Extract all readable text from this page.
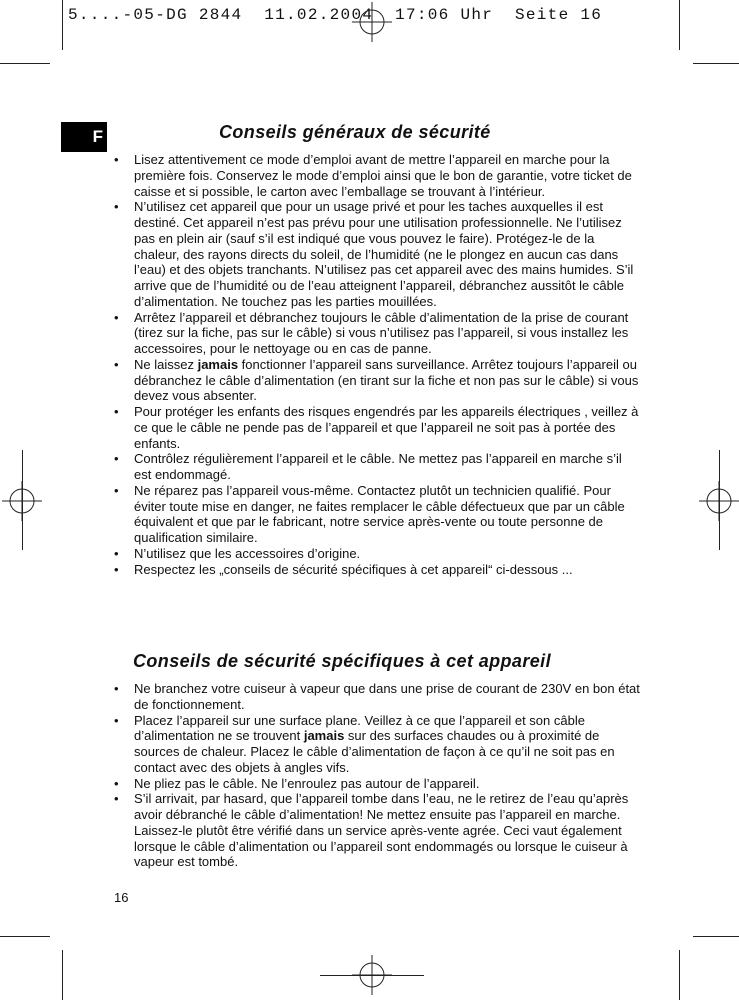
5....-05-DG 2844  11.02.2004  17:06 Uhr  Seite 16
F	Conseils généraux de sécurité
• Lisez attentivement ce mode d’emploi avant de mettre l’appareil en marche pour la première fois. Conservez le mode d’emploi ainsi que le bon de garantie, votre ticket de caisse et si possible, le carton avec l’emballage se trouvant à l’intérieur.
• N’utilisez cet appareil que pour un usage privé et pour les taches auxquelles il est destiné. Cet appareil n’est pas prévu pour une utilisation professionnelle. Ne l’utilisez pas en plein air (sauf s’il est indiqué que vous pouvez le faire). Protégez-le de la chaleur, des rayons directs du soleil, de l’humidité (ne le plongez en aucun cas dans l’eau) et des objets tranchants. N’utilisez pas cet appareil avec des mains humides. S’il arrive que de l’humidité ou de l’eau atteignent l’appareil, débranchez aussitôt le câble d’alimentation. Ne touchez pas les parties mouillées.
• Arrêtez l’appareil et débranchez toujours le câble d’alimentation de la prise de courant (tirez sur la fiche, pas sur le câble) si vous n’utilisez pas l’appareil, si vous installez les accessoires, pour le nettoyage ou en cas de panne.
• Ne laissez jamais fonctionner l’appareil sans surveillance. Arrêtez toujours l’appareil ou débranchez le câble d’alimentation (en tirant sur la fiche et non pas sur le câble) si vous devez vous absenter.
• Pour protéger les enfants des risques engendrés par les appareils électriques , veillez à ce que le câble ne pende pas de l’appareil et que l’appareil ne soit pas à portée des enfants.
• Contrôlez régulièrement l’appareil et le câble. Ne mettez pas l’appareil en marche s’il est endommagé.
• Ne réparez pas l’appareil vous-même. Contactez plutôt un technicien qualifié. Pour éviter toute mise en danger, ne faites remplacer le câble défectueux que par un câble équivalent et que par le fabricant, notre service après-vente ou toute personne de qualification similaire.
• N’utilisez que les accessoires d’origine.
• Respectez les „conseils de sécurité spécifiques à cet appareil“ ci-dessous ...
Conseils de sécurité spécifiques à cet appareil
• Ne branchez votre cuiseur à vapeur que dans une prise de courant de 230V en bon état de fonctionnement.
• Placez l’appareil sur une surface plane. Veillez à ce que l’appareil et son câble d’alimentation ne se trouvent jamais sur des surfaces chaudes ou à proximité de sources de chaleur. Placez le câble d’alimentation de façon à ce qu’il ne soit pas en contact avec des objets à angles vifs.
• Ne pliez pas le câble. Ne l’enroulez pas autour de l’appareil.
• S’il arrivait, par hasard, que l’appareil tombe dans l’eau, ne le retirez de l’eau qu’après avoir débranché le câble d’alimentation! Ne mettez ensuite pas l’appareil en marche. Laissez-le plutôt être vérifié dans un service après-vente agrée. Ceci vaut également lorsque le câble d’alimentation ou l’appareil sont endommagés ou lorsque le cuiseur à vapeur est tombé.
16
